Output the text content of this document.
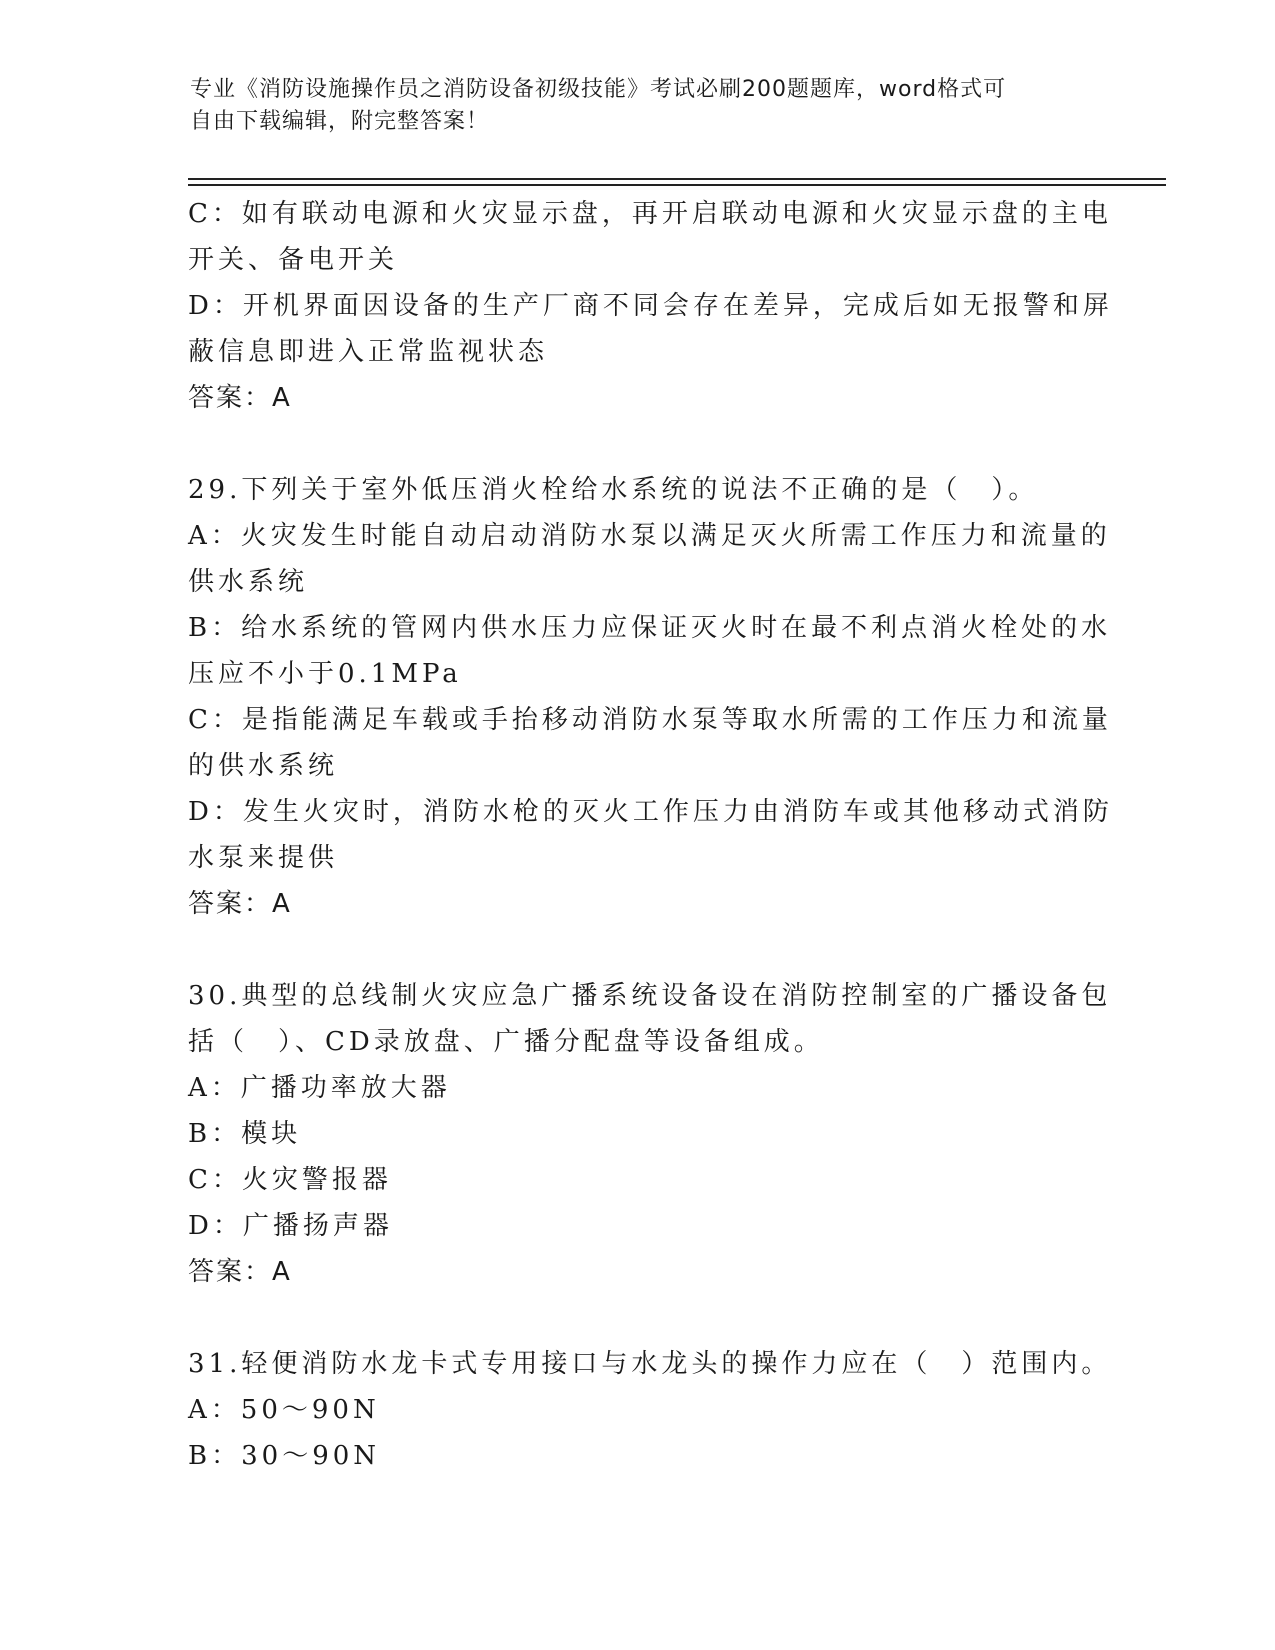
专业《消防设施操作员之消防设备初级技能》考试必刷200题题库，word格式可
自由下载编辑，附完整答案！
C：如有联动电源和火灾显示盘，再开启联动电源和火灾显示盘的主电
开关、备电开关
D：开机界面因设备的生产厂商不同会存在差异，完成后如无报警和屏
蔽信息即进入正常监视状态
答案：A
29.下列关于室外低压消火栓给水系统的说法不正确的是（　）。
A：火灾发生时能自动启动消防水泵以满足灭火所需工作压力和流量的
供水系统
B：给水系统的管网内供水压力应保证灭火时在最不利点消火栓处的水
压应不小于0.1MPa
C：是指能满足车载或手抬移动消防水泵等取水所需的工作压力和流量
的供水系统
D：发生火灾时，消防水枪的灭火工作压力由消防车或其他移动式消防
水泵来提供
答案：A
30.典型的总线制火灾应急广播系统设备设在消防控制室的广播设备包
括（　）、CD录放盘、广播分配盘等设备组成。
A：广播功率放大器
B：模块
C：火灾警报器
D：广播扬声器
答案：A
31.轻便消防水龙卡式专用接口与水龙头的操作力应在（　）范围内。
A：50～90N
B：30～90N
